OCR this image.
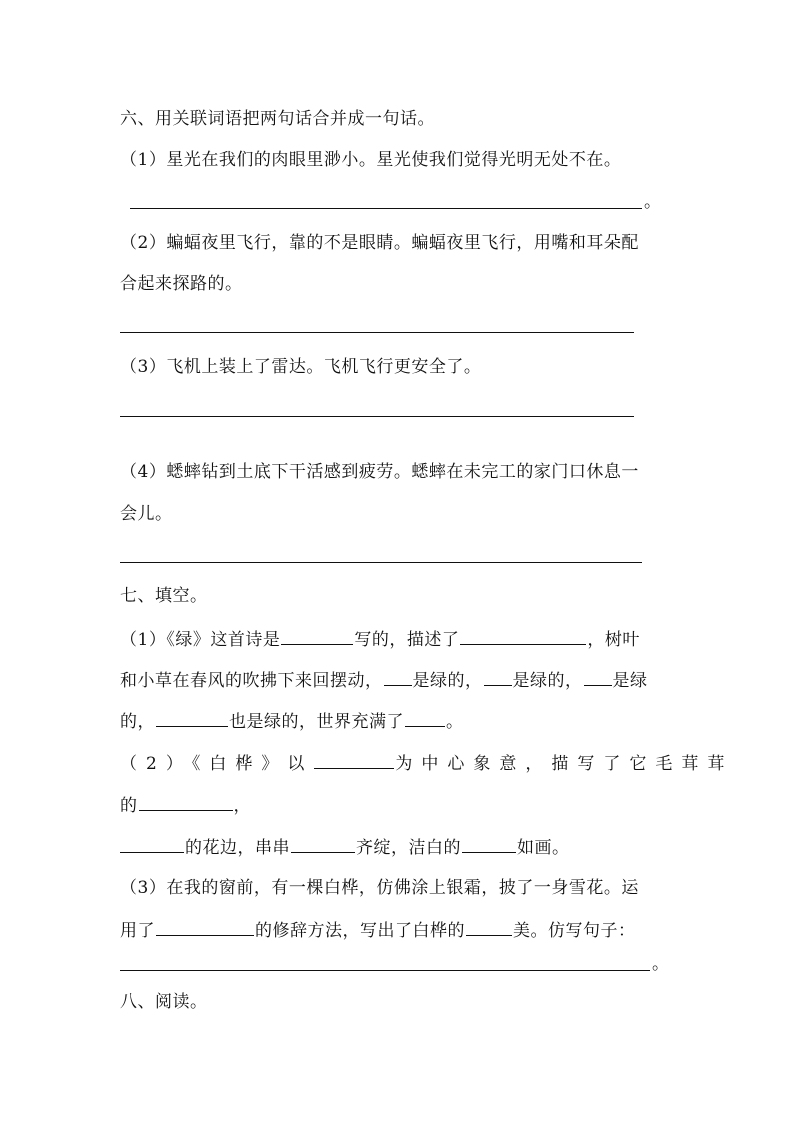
六、用关联词语把两句话合并成一句话。
（1）星光在我们的肉眼里渺小。星光使我们觉得光明无处不在。
。
（2）蝙蝠夜里飞行，靠的不是眼睛。蝙蝠夜里飞行，用嘴和耳朵配
合起来探路的。
（3）飞机上装上了雷达。飞机飞行更安全了。
（4）蟋蟀钻到土底下干活感到疲劳。蟋蟀在未完工的家门口休息一
会儿。
七、填空。
（1）《绿》这首诗是	写的，描述了	，树叶
和小草在春风的吹拂下来回摆动， 是绿的， 是绿的， 是绿
的，	也是绿的，世界充满了 。
（2）《白桦》以	为中心象意，描写了它毛茸茸
的	，
的花边，串串	齐绽，洁白的	如画。
（3）在我的窗前，有一棵白桦，仿佛涂上银霜，披了一身雪花。运
用了	的修辞方法，写出了白桦的	美。仿写句子：
。
八、阅读。
